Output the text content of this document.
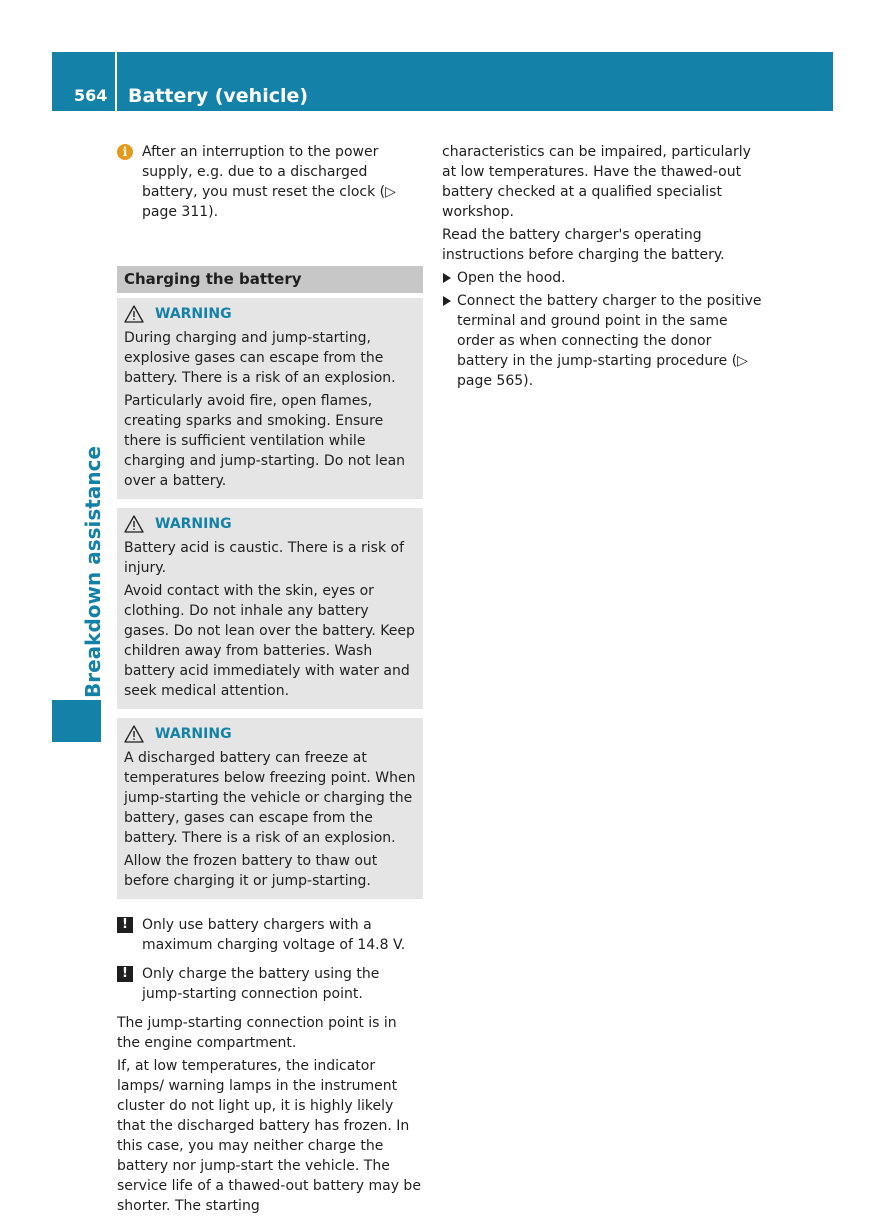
564 Battery (vehicle)
Breakdown assistance
i	After an interruption to the power supply, e.g. due to a discharged battery, you must reset the clock (▷ page 311).
Charging the battery
WARNING

During charging and jump-starting, explosive gases can escape from the battery. There is a risk of an explosion.

Particularly avoid fire, open flames, creating sparks and smoking. Ensure there is sufficient ventilation while charging and jump-starting. Do not lean over a battery.

WARNING

Battery acid is caustic. There is a risk of injury.

Avoid contact with the skin, eyes or clothing. Do not inhale any battery gases. Do not lean over the battery. Keep children away from batteries. Wash battery acid immediately with water and seek medical attention.

WARNING

A discharged battery can freeze at temperatures below freezing point. When jump-starting the vehicle or charging the battery, gases can escape from the battery. There is a risk of an explosion.

Allow the frozen battery to thaw out before charging it or jump-starting.

!	Only use battery chargers with a maximum charging voltage of 14.8 V.
!	Only charge the battery using the jump-starting connection point.

The jump-starting connection point is in the engine compartment.

If, at low temperatures, the indicator lamps/ warning lamps in the instrument cluster do not light up, it is highly likely that the discharged battery has frozen. In this case, you may neither charge the battery nor jump-start the vehicle. The service life of a thawed-out battery may be shorter. The starting

characteristics can be impaired, particularly at low temperatures. Have the thawed-out battery checked at a qualified specialist workshop.

Read the battery charger's operating instructions before charging the battery.

Open the hood.
Connect the battery charger to the positive terminal and ground point in the same order as when connecting the donor battery in the jump-starting procedure (▷ page 565).
